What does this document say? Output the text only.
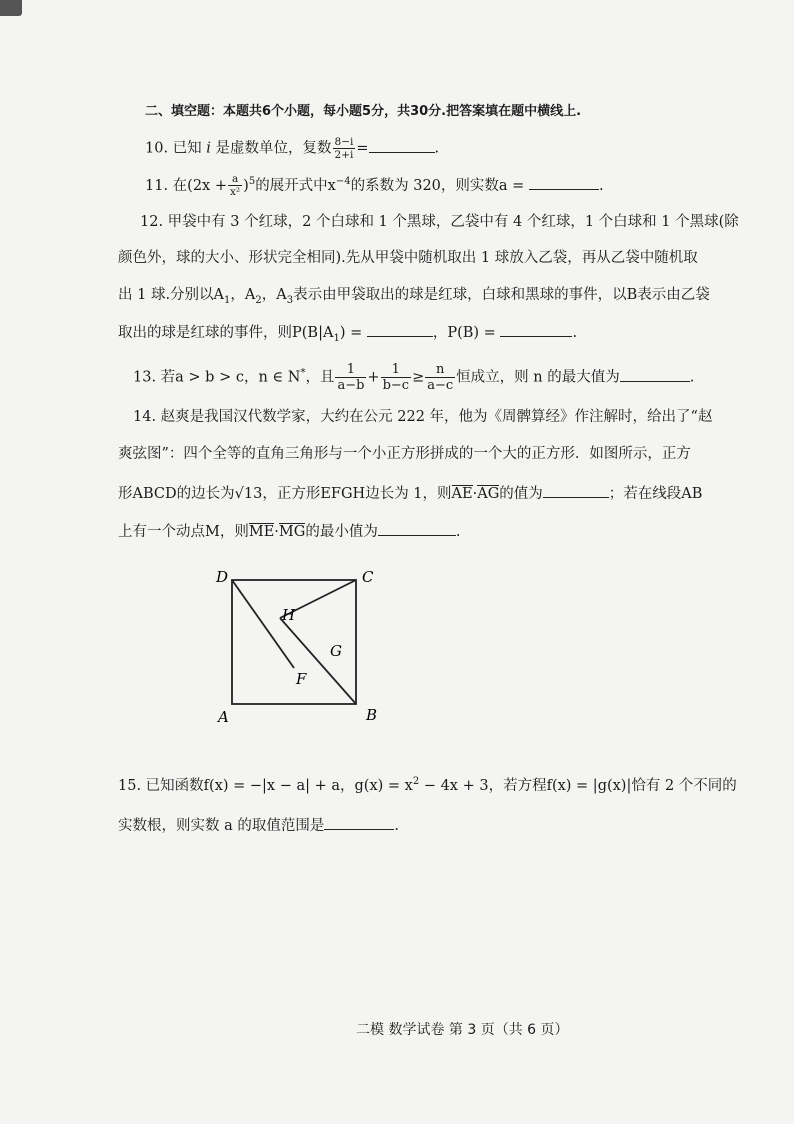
二、填空题：本题共6个小题，每小题5分，共30分.把答案填在题中横线上.
10. 已知 i 是虚数单位，复数 $\frac{8-i}{2+i}$ =	.
11. 在$(2x + \frac{a}{\text{x²}} )^5$的展开式中$x^{-4}$的系数为 320，则实数a =	.
12. 甲袋中有 3 个红球，2 个白球和 1 个黑球，乙袋中有 4 个红球，1 个白球和 1 个黑球(除
颜色外，球的大小、形状完全相同).先从甲袋中随机取出 1 球放入乙袋，再从乙袋中随机取
出 1 球.分别以$A_1$，$A_2$，$A_3$表示由甲袋取出的球是红球，白球和黑球的事件，以B表示由乙袋
取出的球是红球的事件，则$P(B|A_1)$ =	，P(B) =	.
13. 若a > b > c，n ∈ N*，且 $\frac{1}{a-b} + \frac{1}{b-c} \ge \frac{n}{a-c}$ 恒成立，则 n 的最大值为	.
14. 赵爽是我国汉代数学家，大约在公元 222 年，他为《周髀算经》作注解时，给出了“赵
爽弦图”：四个全等的直角三角形与一个小正方形拼成的一个大的正方形．如图所示，正方
形ABCD的边长为√13，正方形EFGH边长为 1，则AE·AG的值为	；若在线段AB
上有一个动点M，则ME·MG的最小值为	.
D	C
A	B
H
G
F
15. 已知函数f(x) = −|x − a| + a，$g(x) = x^2 - 4x + 3$，若方程f(x) = |g(x)|恰有 2 个不同的
实数根，则实数 a 的取值范围是	.
二模 数学试卷 第 3 页（共 6 页）
